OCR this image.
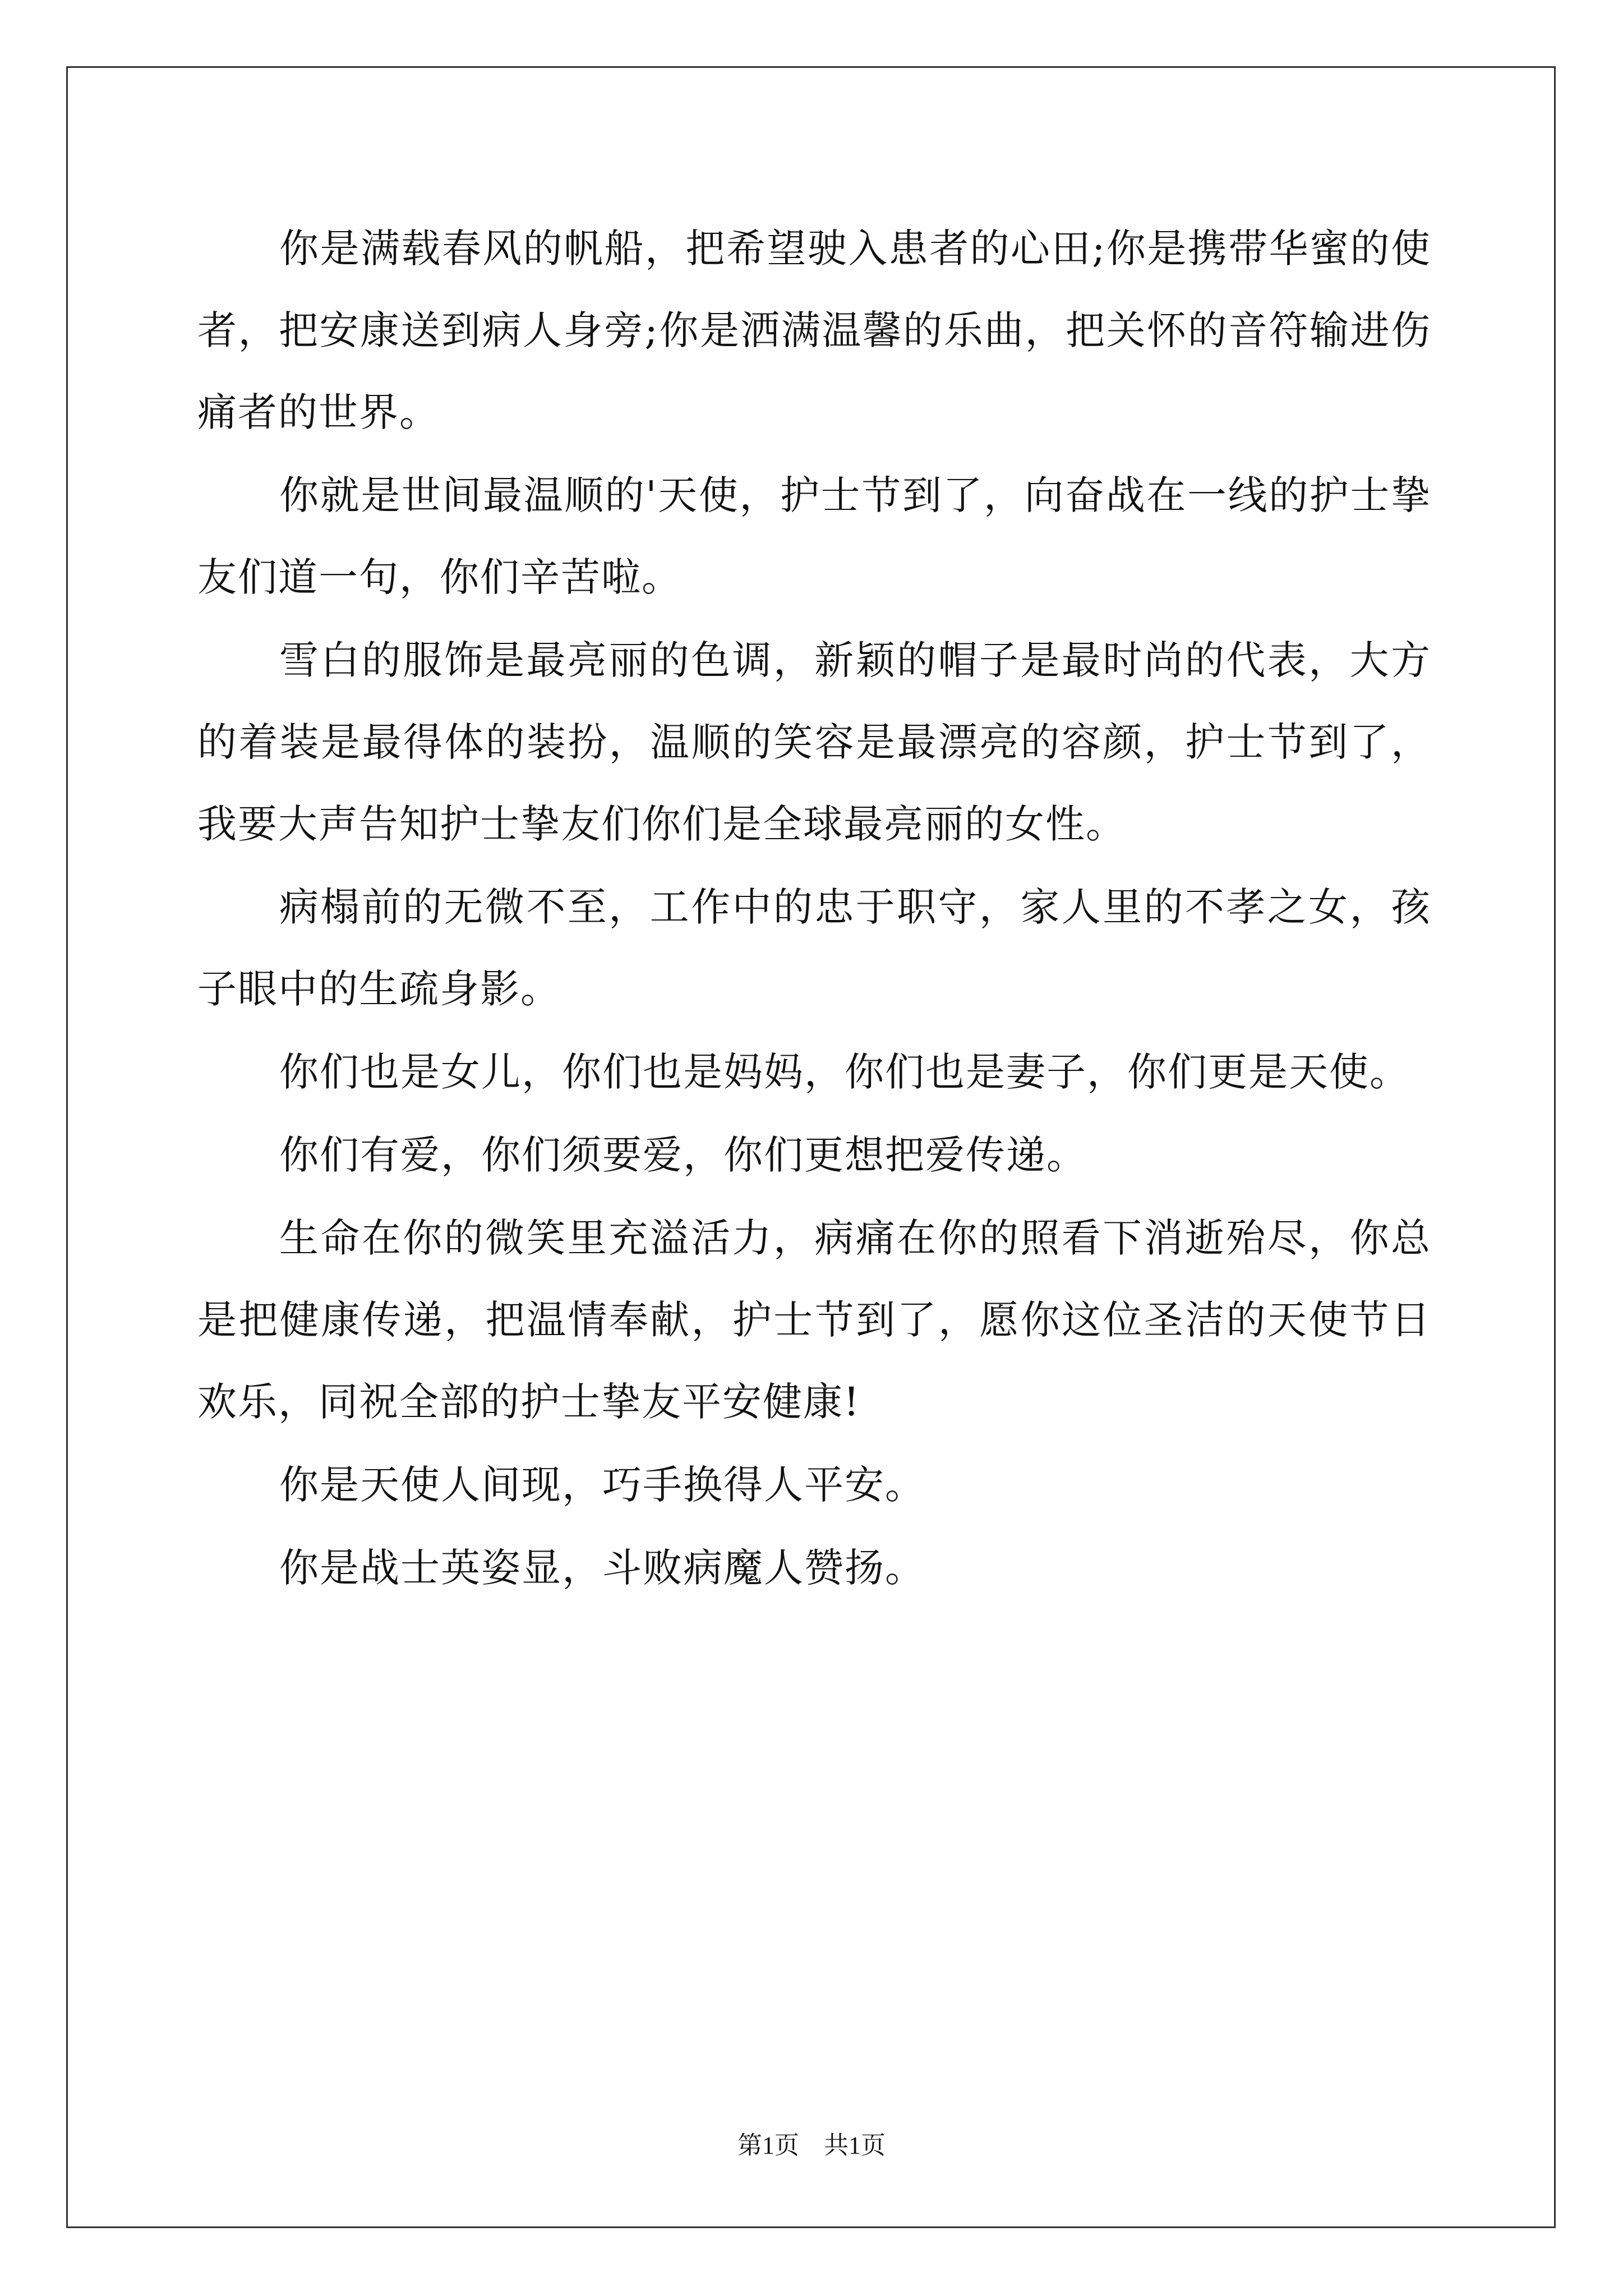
你是满载春风的帆船，把希望驶入患者的心田;你是携带华蜜的使者，把安康送到病人身旁;你是洒满温馨的乐曲，把关怀的音符输进伤痛者的世界。

你就是世间最温顺的'天使，护士节到了，向奋战在一线的护士挚友们道一句，你们辛苦啦。

雪白的服饰是最亮丽的色调，新颖的帽子是最时尚的代表，大方的着装是最得体的装扮，温顺的笑容是最漂亮的容颜，护士节到了，我要大声告知护士挚友们你们是全球最亮丽的女性。

病榻前的无微不至，工作中的忠于职守，家人里的不孝之女，孩子眼中的生疏身影。

你们也是女儿，你们也是妈妈，你们也是妻子，你们更是天使。

你们有爱，你们须要爱，你们更想把爱传递。

生命在你的微笑里充溢活力，病痛在你的照看下消逝殆尽，你总是把健康传递，把温情奉献，护士节到了，愿你这位圣洁的天使节日欢乐，同祝全部的护士挚友平安健康!

你是天使人间现，巧手换得人平安。

你是战士英姿显，斗败病魔人赞扬。

第1页　共1页
